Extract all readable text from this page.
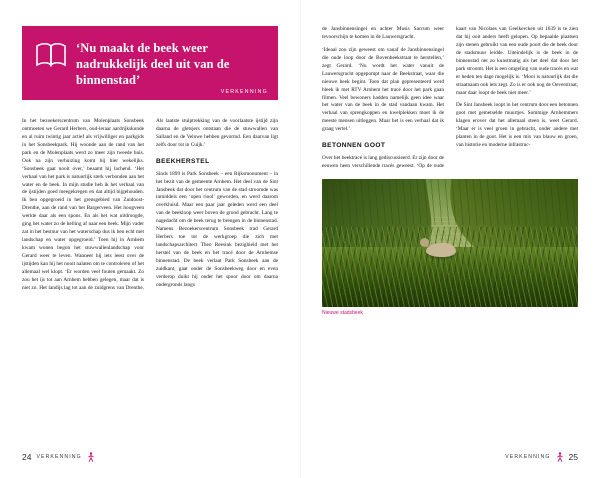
‘Nu maakt de beek weer nadrukkelijk deel uit van de binnenstad’
VERKENNING

In het bezoekerscentrum van Molenplaats Sonsbeek ontmoeten we Gerard Herbers, oud-leraar aardrijkskunde en al ruim twintig jaar actief als vrijwilliger en parkgids in het Sonsbeekpark. Hij woonde aan de rand van het park en de Molenplaats werd zo meer zijn tweede huis. Ook na zijn verhuizing komt hij hier wekelijks. ‘Sonsbeek gaat nooit over,’ beaamt hij lachend. ‘Het verhaal van het park is natuurlijk sterk verbonden aan het water en de beek. In mijn studie heb ik het verhaal van de ijstijden goed meegekregen en dat altijd bijgehouden. Ik ben opgegroeid in het grensgebied van Zuidoost-Drenthe, aan de rand van het Bargerveen. Het hoogveen werkte daar als een spons. En als het wat uitdroogde, ging het water zo de helling af naar een beek. Mijn vader zat in het bestuur van het waterschap dus ik ben echt met landschap en water opgegroeid.’ Toen hij in Arnhem kwam wonen begon het stuwwallenlandschap voor Gerard weer te leven. Wanneer hij iets leest over de ijstijden kan hij het nooit nalaten om te controleren of het allemaal wel klopt. ‘Er worden veel fouten gemaakt. Zo zou het ijs tot aan Arnhem hebben gelegen, maar dat is niet zo. Het landijs lag tot aan de zuidgrens van Drenthe. Als laatste stuiptrekking van de voorlaatste ijstijd zijn daarna de gletsjers ontstaan die de stuwwallen van Salland en de Veluwe hebben gevormd. Een daarvan ligt zelfs door tot in Cuijk.’

BEEKHERSTEL

Sinds 1899 is Park Sonsbeek – een Rijksmonument – in het bezit van de gemeente Arnhem. Het deel van de Sint Jansbeek dat door het centrum van de stad stroomde was inmiddels een ‘open riool’ geworden, en werd daarom overkluisd. Maar een paar jaar geleden werd een deel van de beekloop weer boven de grond gebracht. Lang te nagedacht om de beek terug te brengen in de binnenstad. Namens Bezoekerscentrum Sonsbeek trad Gerard Herbers toe tot de werkgroep die zich met landschapsarchitect Theo Reesink bezighield met het herstel van de beek en het tracé door de Arnhemse binnenstad. De beek verlaat Park Sonsbeek aan de zuidkant, gaat onder de Sonsbeekweg door en even verderop duikt hij onder het spoor door om daarna ondergronds langs

24 VERKENNING

de Jansbinnensingel en achter Musis Sacrum weer tevoorschijn te komen in de Lauwersgracht.

‘Ideaal zou zijn geweest om vanaf de Jansbinnensingel die oude loop door de Bovenbeekstraat te herstellen,’ zegt Gerard. ‘Nu wordt het water vanuit de Lauwersgracht opgepompt naar de Beekstraat, waar die nieuwe beek begint. Toen dat plan gepresenteerd werd bleek ik met RTV Arnhem het tracé door het park gaan filmen. Veel bewoners hadden namelijk geen idee waar het water van de beek in de stad vandaan kwam. Het verhaal van sprengkoppen en kwelplekken moet ik de meeste mensen uitleggen. Maar het is een verhaal dat ik graag vertel.’

BETONNEN GOOT

Over het beektracé is lang gediscussieerd. Er zijn door de eeuwen heen verschillende tracés geweest. ‘Op de oude kaart van Nicolaes van Geelkercken uit 1639 is te zien dat hij ooit anders heeft gelopen. Op bepaalde plaatsen zijn stenen gebruikt van een oude poort die de beek door de stadsmuur leidde. Uiteindelijk is de beek in de binnenstad net zo kunstmatig als het deel dat door het park stroomt. Het is een omgeling van oude tracés en wat er heden ten dage mogelijk is. ‘Mooi is natuurlijk dat die straatnaam ook iets zegt. Zo is er ook nog de Oeverstraat, maar daar loopt de beek niet meer.’

De Sint Jansbeek loopt in het centrum door een betonnen goot met gemetselde muurtjes. Sommige Arnhemmers klagen erover dat het allemaal steen is, weet Gerard. ‘Maar er is veel groen in gebracht, onder andere met planten in de goot. Het is een mix van blauw en groen, van historie en moderne infrastruc-

Nieuwe stadsbeek
VERKENNING 25
